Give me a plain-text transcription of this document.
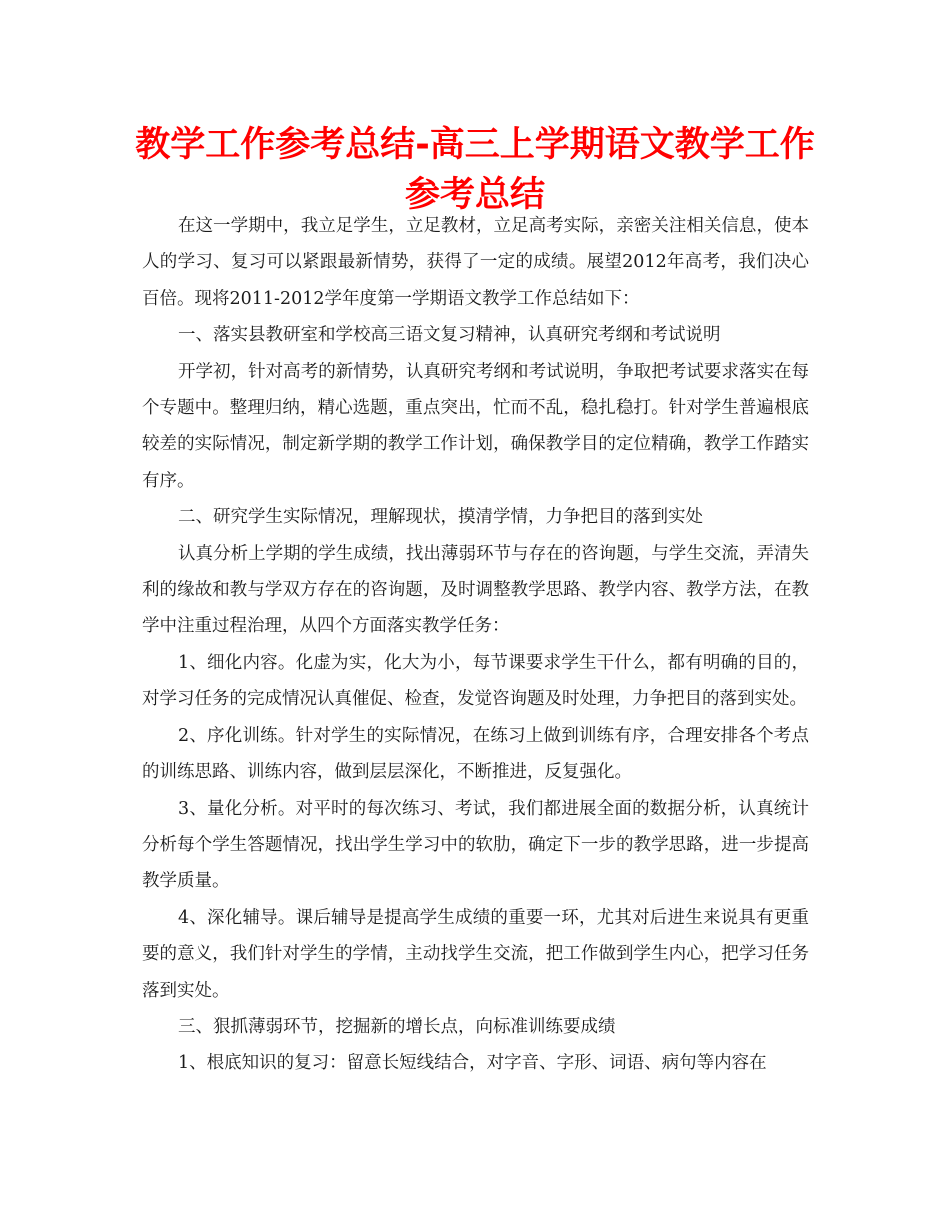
教学工作参考总结-高三上学期语文教学工作参考总结

在这一学期中，我立足学生，立足教材，立足高考实际，亲密关注相关信息，使本人的学习、复习可以紧跟最新情势，获得了一定的成绩。展望2012年高考，我们决心百倍。现将2011-2012学年度第一学期语文教学工作总结如下：

一、落实县教研室和学校高三语文复习精神，认真研究考纲和考试说明

开学初，针对高考的新情势，认真研究考纲和考试说明，争取把考试要求落实在每个专题中。整理归纳，精心选题，重点突出，忙而不乱，稳扎稳打。针对学生普遍根底较差的实际情况，制定新学期的教学工作计划，确保教学目的定位精确，教学工作踏实有序。

二、研究学生实际情况，理解现状，摸清学情，力争把目的落到实处

认真分析上学期的学生成绩，找出薄弱环节与存在的咨询题，与学生交流，弄清失利的缘故和教与学双方存在的咨询题，及时调整教学思路、教学内容、教学方法，在教学中注重过程治理，从四个方面落实教学任务：

1、细化内容。化虚为实，化大为小，每节课要求学生干什么，都有明确的目的，对学习任务的完成情况认真催促、检查，发觉咨询题及时处理，力争把目的落到实处。

2、序化训练。针对学生的实际情况，在练习上做到训练有序，合理安排各个考点的训练思路、训练内容，做到层层深化，不断推进，反复强化。

3、量化分析。对平时的每次练习、考试，我们都进展全面的数据分析，认真统计分析每个学生答题情况，找出学生学习中的软肋，确定下一步的教学思路，进一步提高教学质量。

4、深化辅导。课后辅导是提高学生成绩的重要一环，尤其对后进生来说具有更重要的意义，我们针对学生的学情，主动找学生交流，把工作做到学生内心，把学习任务落到实处。

三、狠抓薄弱环节，挖掘新的增长点，向标准训练要成绩

1、根底知识的复习：留意长短线结合，对字音、字形、词语、病句等内容在
